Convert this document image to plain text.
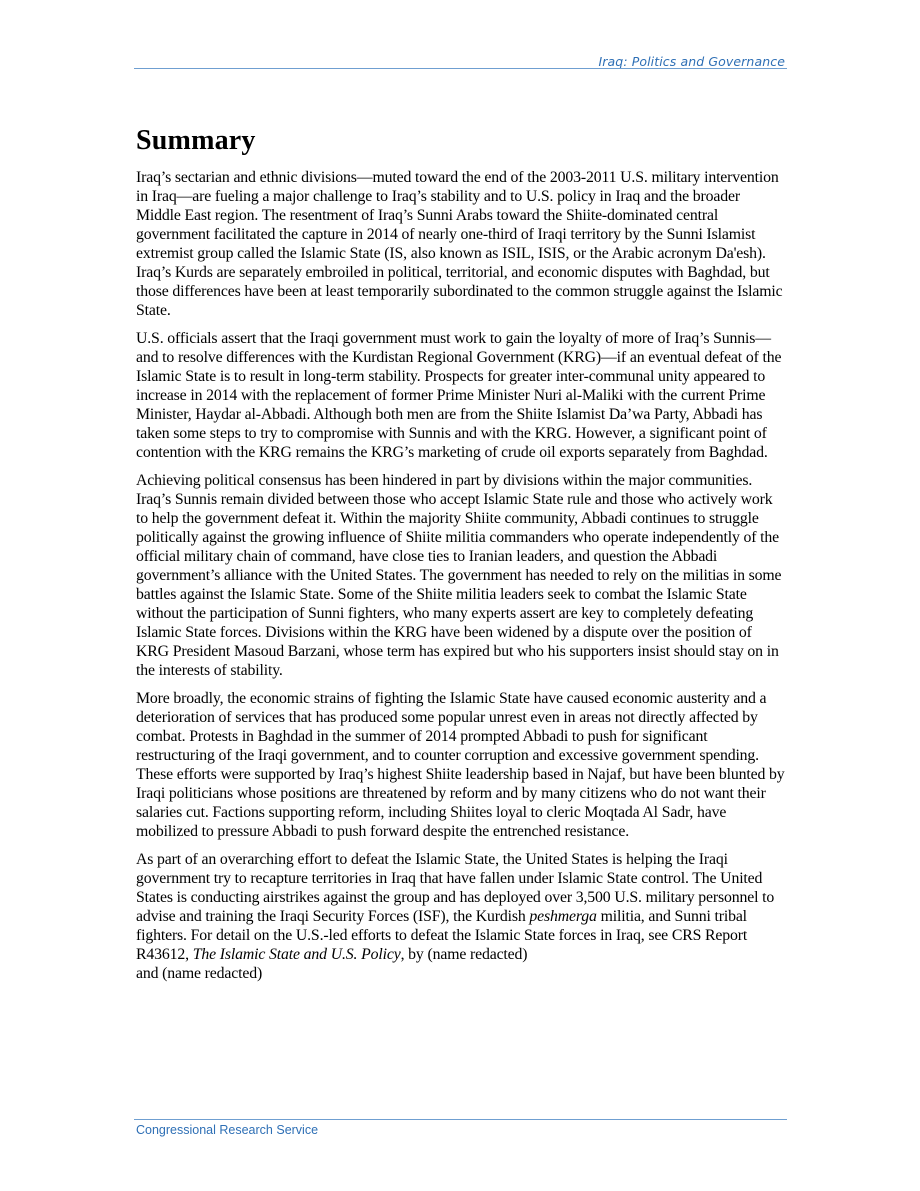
Iraq: Politics and Governance
Summary

Iraq’s sectarian and ethnic divisions—muted toward the end of the 2003-2011 U.S. military intervention in Iraq—are fueling a major challenge to Iraq’s stability and to U.S. policy in Iraq and the broader Middle East region. The resentment of Iraq’s Sunni Arabs toward the Shiite-dominated central government facilitated the capture in 2014 of nearly one-third of Iraqi territory by the Sunni Islamist extremist group called the Islamic State (IS, also known as ISIL, ISIS, or the Arabic acronym Da'esh). Iraq’s Kurds are separately embroiled in political, territorial, and economic disputes with Baghdad, but those differences have been at least temporarily subordinated to the common struggle against the Islamic State.

U.S. officials assert that the Iraqi government must work to gain the loyalty of more of Iraq’s Sunnis—and to resolve differences with the Kurdistan Regional Government (KRG)—if an eventual defeat of the Islamic State is to result in long-term stability. Prospects for greater inter-communal unity appeared to increase in 2014 with the replacement of former Prime Minister Nuri al-Maliki with the current Prime Minister, Haydar al-Abbadi. Although both men are from the Shiite Islamist Da’wa Party, Abbadi has taken some steps to try to compromise with Sunnis and with the KRG. However, a significant point of contention with the KRG remains the KRG’s marketing of crude oil exports separately from Baghdad.

Achieving political consensus has been hindered in part by divisions within the major communities. Iraq’s Sunnis remain divided between those who accept Islamic State rule and those who actively work to help the government defeat it. Within the majority Shiite community, Abbadi continues to struggle politically against the growing influence of Shiite militia commanders who operate independently of the official military chain of command, have close ties to Iranian leaders, and question the Abbadi government’s alliance with the United States. The government has needed to rely on the militias in some battles against the Islamic State. Some of the Shiite militia leaders seek to combat the Islamic State without the participation of Sunni fighters, who many experts assert are key to completely defeating Islamic State forces. Divisions within the KRG have been widened by a dispute over the position of KRG President Masoud Barzani, whose term has expired but who his supporters insist should stay on in the interests of stability.

More broadly, the economic strains of fighting the Islamic State have caused economic austerity and a deterioration of services that has produced some popular unrest even in areas not directly affected by combat. Protests in Baghdad in the summer of 2014 prompted Abbadi to push for significant restructuring of the Iraqi government, and to counter corruption and excessive government spending. These efforts were supported by Iraq’s highest Shiite leadership based in Najaf, but have been blunted by Iraqi politicians whose positions are threatened by reform and by many citizens who do not want their salaries cut. Factions supporting reform, including Shiites loyal to cleric Moqtada Al Sadr, have mobilized to pressure Abbadi to push forward despite the entrenched resistance.

As part of an overarching effort to defeat the Islamic State, the United States is helping the Iraqi government try to recapture territories in Iraq that have fallen under Islamic State control. The United States is conducting airstrikes against the group and has deployed over 3,500 U.S. military personnel to advise and training the Iraqi Security Forces (ISF), the Kurdish peshmerga militia, and Sunni tribal fighters. For detail on the U.S.-led efforts to defeat the Islamic State forces in Iraq, see CRS Report R43612, The Islamic State and U.S. Policy, by (name redacted)
and (name redacted)

Congressional Research Service
